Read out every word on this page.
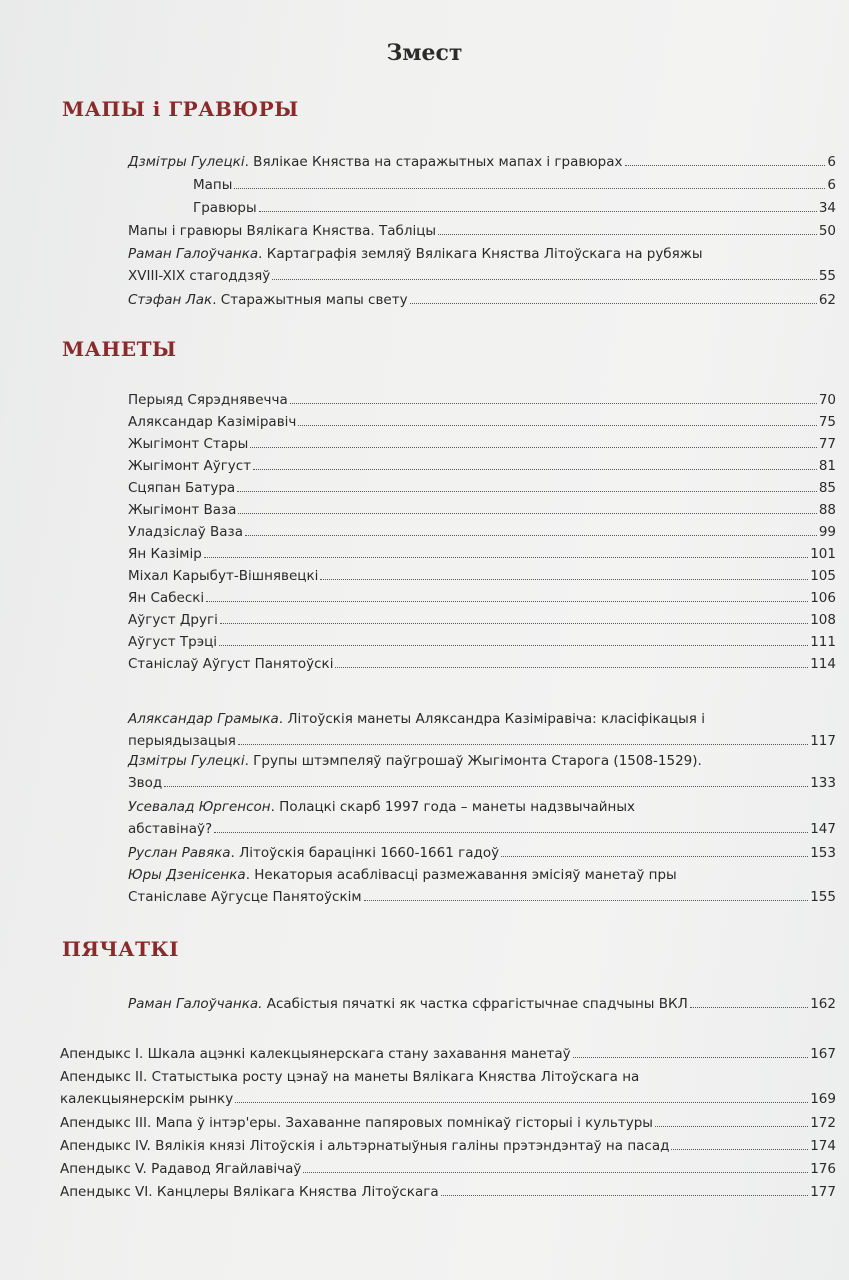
Змест
МАПЫ і ГРАВЮРЫ
Дзмітры Гулецкі. Вялікае Княства на старажытных мапах і гравюрах	6
Мапы	6
Гравюры	34
Мапы і гравюры Вялікага Княства. Табліцы	50
Раман Галоўчанка. Картаграфія земляў Вялікага Княства Літоўскага на рубяжы
XVIII-XIX стагоддзяў	55
Стэфан Лак. Старажытныя мапы свету	62
МАНЕТЫ
Перыяд Сярэднявечча	70
Аляксандар Казіміравіч	75
Жыгімонт Стары	77
Жыгімонт Аўгуст	81
Сцяпан Батура	85
Жыгімонт Ваза	88
Уладзіслаў Ваза	99
Ян Казімір	101
Міхал Карыбут-Вішнявецкі	105
Ян Сабескі	106
Аўгуст Другі	108
Аўгуст Трэці	111
Станіслаў Аўгуст Панятоўскі	114
Аляксандар Грамыка. Літоўскія манеты Аляксандра Казіміравіча: класіфікацыя і
перыядызацыя	117
Дзмітры Гулецкі. Групы штэмпеляў паўгрошаў Жыгімонта Старога (1508-1529).
Звод	133
Усевалад Юргенсон. Полацкі скарб 1997 года – манеты надзвычайных
абставінаў?	147
Руслан Равяка. Літоўскія барацінкі 1660-1661 гадоў	153
Юры Дзенісенка. Некаторыя асаблівасці размежавання эмісіяў манетаў пры
Станіславе Аўгусце Панятоўскім	155
ПЯЧАТКІ
Раман Галоўчанка. Асабістыя пячаткі як частка сфрагістычнае спадчыны ВКЛ	162
Апендыкс І. Шкала ацэнкі калекцыянерскага стану захавання манетаў	167
Апендыкс ІІ. Статыстыка росту цэнаў на манеты Вялікага Княства Літоўскага на
калекцыянерскім рынку	169
Апендыкс ІІІ. Мапа ў інтэр'еры. Захаванне папяровых помнікаў гісторыі і культуры	172
Апендыкс ІV. Вялікія князі Літоўскія і альтэрнатыўныя галіны прэтэндэнтаў на пасад	174
Апендыкс V. Радавод Ягайлавічаў	176
Апендыкс VІ. Канцлеры Вялікага Княства Літоўскага	177
